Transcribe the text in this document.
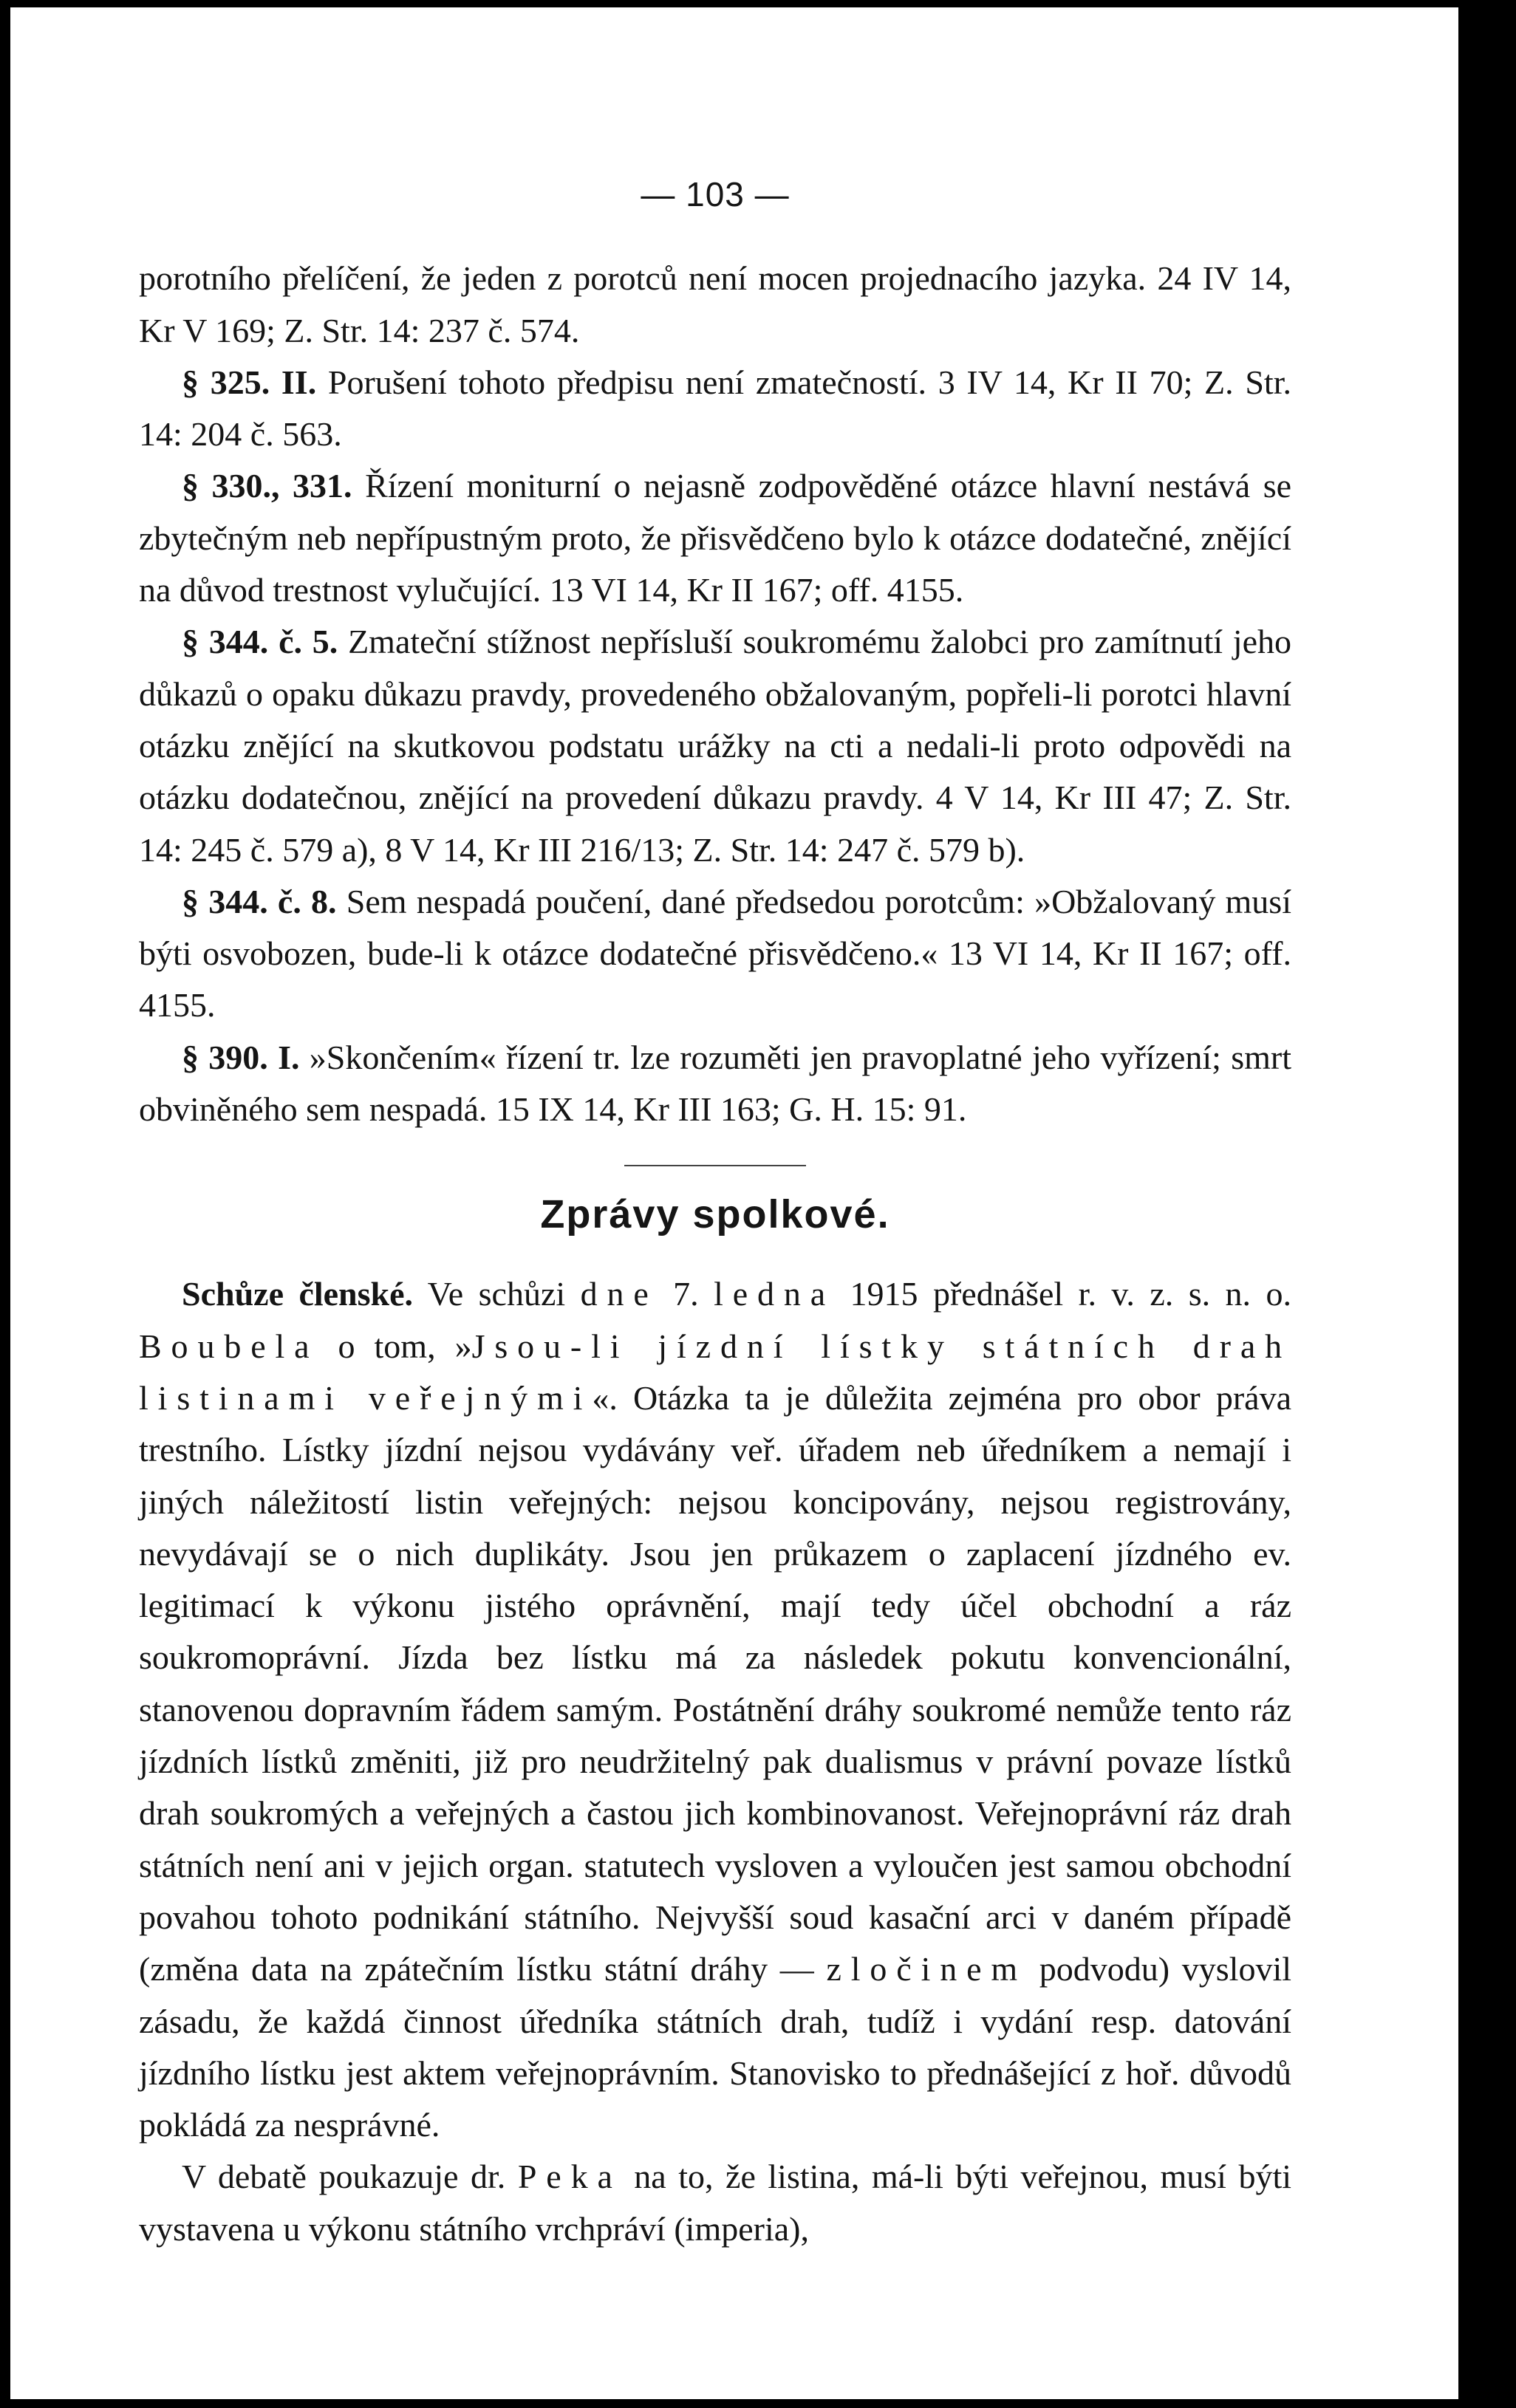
— 103 —

porotního přelíčení, že jeden z porotců není mocen projednacího jazyka. 24 IV 14, Kr V 169; Z. Str. 14: 237 č. 574.

§ 325. II. Porušení tohoto předpisu není zmatečností. 3 IV 14, Kr II 70; Z. Str. 14: 204 č. 563.

§ 330., 331. Řízení moniturní o nejasně zodpověděné otázce hlavní nestává se zbytečným neb nepřípustným proto, že přisvědčeno bylo k otázce dodatečné, znějící na důvod trestnost vylučující. 13 VI 14, Kr II 167; off. 4155.

§ 344. č. 5. Zmateční stížnost nepřísluší soukromému žalobci pro zamítnutí jeho důkazů o opaku důkazu pravdy, provedeného obžalovaným, popřeli-li porotci hlavní otázku znějící na skutkovou podstatu urážky na cti a nedali-li proto odpovědi na otázku dodatečnou, znějící na provedení důkazu pravdy. 4 V 14, Kr III 47; Z. Str. 14: 245 č. 579 a), 8 V 14, Kr III 216/13; Z. Str. 14: 247 č. 579 b).

§ 344. č. 8. Sem nespadá poučení, dané předsedou porotcům: »Obžalovaný musí býti osvobozen, bude-li k otázce dodatečné přisvědčeno.« 13 VI 14, Kr II 167; off. 4155.

§ 390. I. »Skončením« řízení tr. lze rozuměti jen pravoplatné jeho vyřízení; smrt obviněného sem nespadá. 15 IX 14, Kr III 163; G. H. 15: 91.

Zprávy spolkové.

Schůze členské. Ve schůzi dne 7. ledna 1915 přednášel r. v. z. s. n. o. Boubela o tom, »Jsou-li jízdní lístky státních drah listinami veřejnými«. Otázka ta je důležita zejména pro obor práva trestního. Lístky jízdní nejsou vydávány veř. úřadem neb úředníkem a nemají i jiných náležitostí listin veřejných: nejsou koncipovány, nejsou registrovány, nevydávají se o nich duplikáty. Jsou jen průkazem o zaplacení jízdného ev. legitimací k výkonu jistého oprávnění, mají tedy účel obchodní a ráz soukromoprávní. Jízda bez lístku má za následek pokutu konvencionální, stanovenou dopravním řádem samým. Postátnění dráhy soukromé nemůže tento ráz jízdních lístků změniti, již pro neudržitelný pak dualismus v právní povaze lístků drah soukromých a veřejných a častou jich kombinovanost. Veřejnoprávní ráz drah státních není ani v jejich organ. statutech vysloven a vyloučen jest samou obchodní povahou tohoto podnikání státního. Nejvyšší soud kasační arci v daném případě (změna data na zpátečním lístku státní dráhy — zločinem podvodu) vyslovil zásadu, že každá činnost úředníka státních drah, tudíž i vydání resp. datování jízdního lístku jest aktem veřejnoprávním. Stanovisko to přednášející z hoř. důvodů pokládá za nesprávné.

V debatě poukazuje dr. Peka na to, že listina, má-li býti veřejnou, musí býti vystavena u výkonu státního vrchpráví (imperia),
